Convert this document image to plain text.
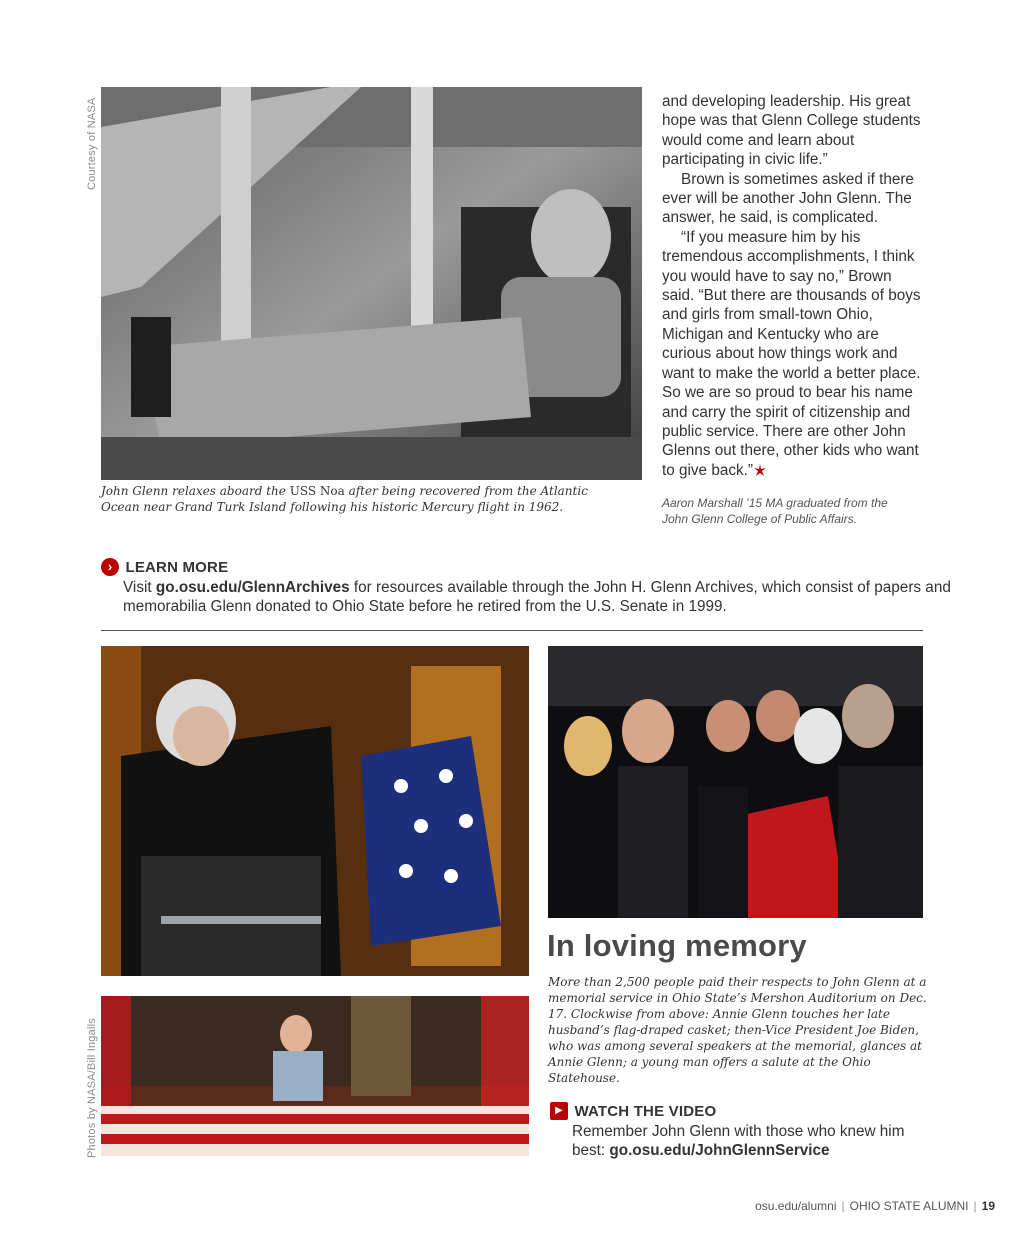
Courtesy of NASA
Photos by NASA/Bill Ingalls
John Glenn relaxes aboard the USS Noa after being recovered from the Atlantic Ocean near Grand Turk Island following his historic Mercury flight in 1962.

and developing leadership. His great hope was that Glenn College students would come and learn about participating in civic life.”

Brown is sometimes asked if there ever will be another John Glenn. The answer, he said, is complicated.

“If you measure him by his tremendous accomplishments, I think you would have to say no,” Brown said. “But there are thousands of boys and girls from small-town Ohio, Michigan and Kentucky who are curious about how things work and want to make the world a better place. So we are so proud to bear his name and carry the spirit of citizenship and public service. There are other John Glenns out there, other kids who want to give back.”

Aaron Marshall ’15 MA graduated from the John Glenn College of Public Affairs.
› LEARN MORE
Visit go.osu.edu/GlennArchives for resources available through the John H. Glenn Archives, which consist of papers and memorabilia Glenn donated to Ohio State before he retired from the U.S. Senate in 1999.
In loving memory
More than 2,500 people paid their respects to John Glenn at a memorial service in Ohio State’s Mershon Auditorium on Dec. 17. Clockwise from above: Annie Glenn touches her late husband’s flag-draped casket; then-Vice President Joe Biden, who was among several speakers at the memorial, glances at Annie Glenn; a young man offers a salute at the Ohio Statehouse.
▶ WATCH THE VIDEO
Remember John Glenn with those who knew him best: go.osu.edu/JohnGlennService
osu.edu/alumni | OHIO STATE ALUMNI | 19
